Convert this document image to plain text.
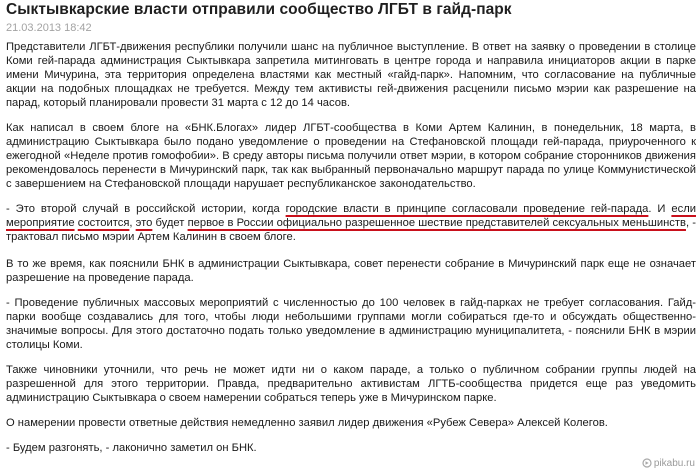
Сыктывкарские власти отправили сообщество ЛГБТ в гайд-парк
21.03.2013 18:42

Представители ЛГБТ-движения республики получили шанс на публичное выступление. В ответ на заявку о проведении в столице Коми гей-парада администрация Сыктывкара запретила митинговать в центре города и направила инициаторов акции в парке имени Мичурина, эта территория определена властями как местный «гайд-парк». Напомним, что согласование на публичные акции на подобных площадках не требуется. Между тем активисты гей-движения расценили письмо мэрии как разрешение на парад, который планировали провести 31 марта с 12 до 14 часов.

Как написал в своем блоге на «БНК.Блогах» лидер ЛГБТ-сообщества в Коми Артем Калинин, в понедельник, 18 марта, в администрацию Сыктывкара было подано уведомление о проведении на Стефановской площади гей-парада, приуроченного к ежегодной «Неделе против гомофобии». В среду авторы письма получили ответ мэрии, в котором собрание сторонников движения рекомендовалось перенести в Мичуринский парк, так как выбранный первоначально маршрут парада по улице Коммунистической с завершением на Стефановской площади нарушает республиканское законодательство.

- Это второй случай в российской истории, когда городские власти в принципе согласовали проведение гей-парада. И если мероприятие состоится, это будет первое в России официально разрешенное шествие представителей сексуальных меньшинств, - трактовал письмо мэрии Артем Калинин в своем блоге.

В то же время, как пояснили БНК в администрации Сыктывкара, совет перенести собрание в Мичуринский парк еще не означает разрешение на проведение парада.

- Проведение публичных массовых мероприятий с численностью до 100 человек в гайд-парках не требует согласования. Гайд-парки вообще создавались для того, чтобы люди небольшими группами могли собираться где-то и обсуждать общественно-значимые вопросы. Для этого достаточно подать только уведомление в администрацию муниципалитета, - пояснили БНК в мэрии столицы Коми.

Также чиновники уточнили, что речь не может идти ни о каком параде, а только о публичном собрании группы людей на разрешенной для этого территории. Правда, предварительно активистам ЛГТБ-сообщества придется еще раз уведомить администрацию Сыктывкара о своем намерении собраться теперь уже в Мичуринском парке.

О намерении провести ответные действия немедленно заявил лидер движения «Рубеж Севера» Алексей Колегов.

- Будем разгонять, - лаконично заметил он БНК.

pikabu.ru
